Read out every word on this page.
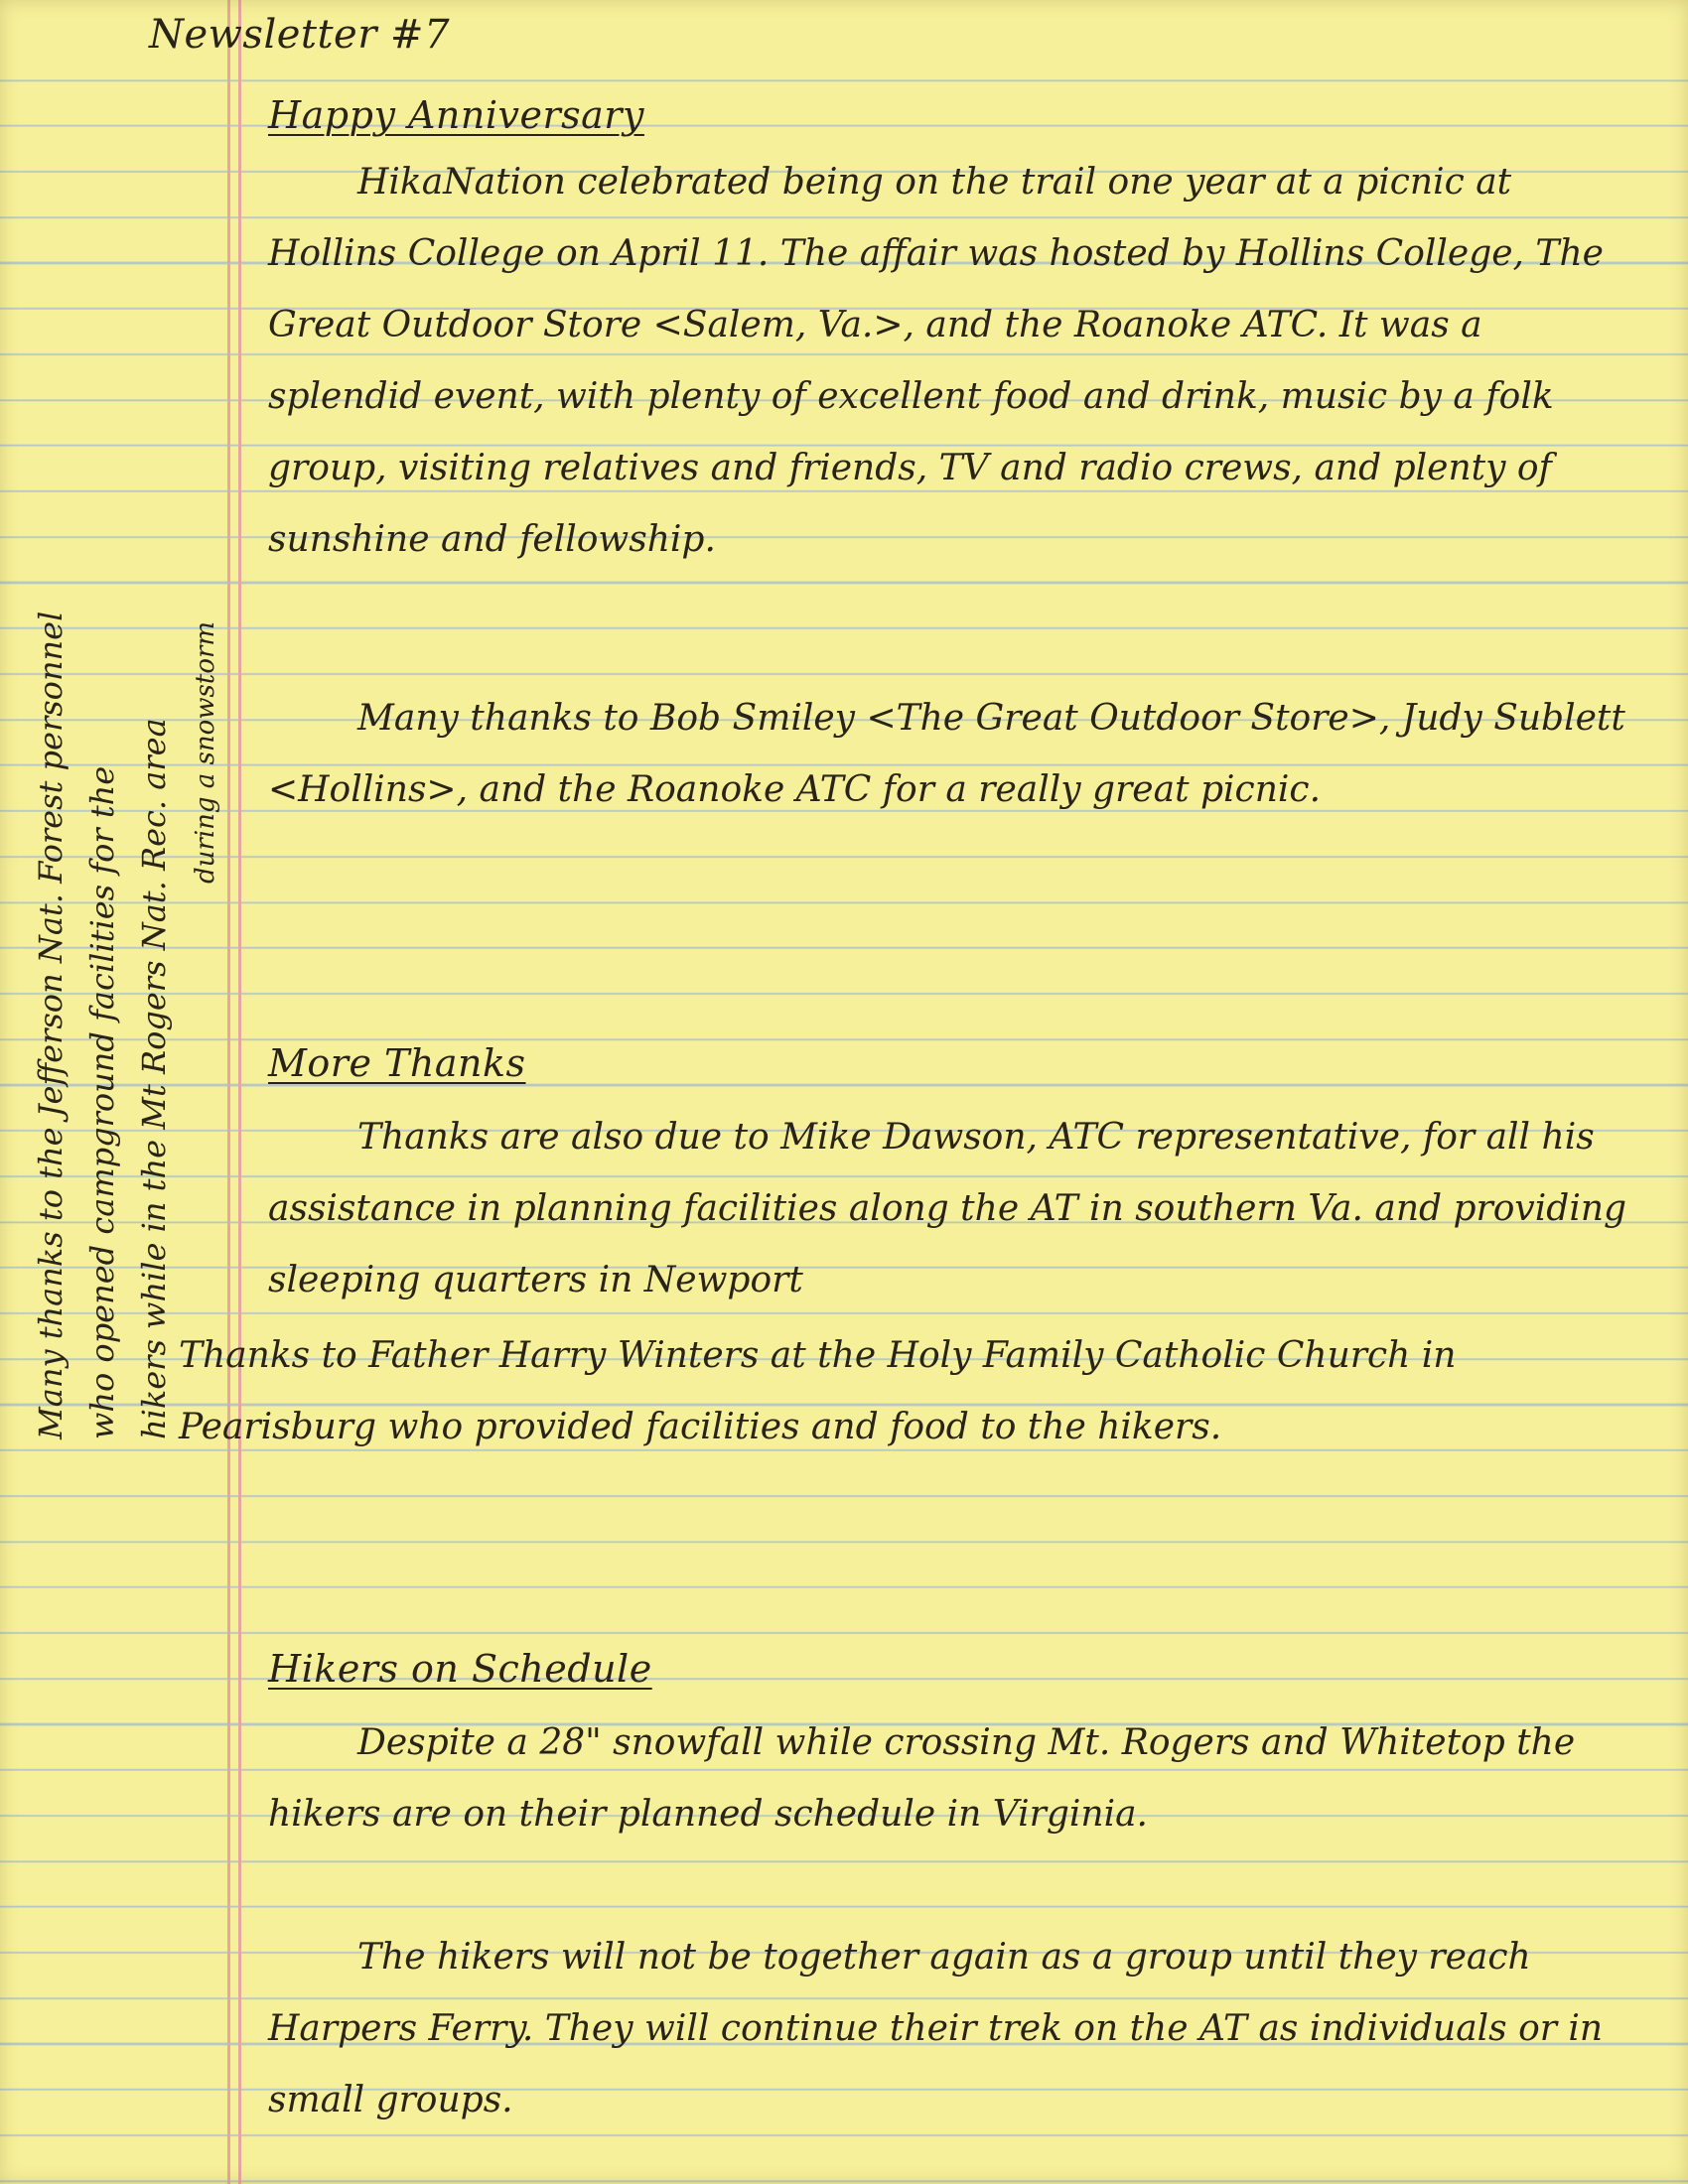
Newsletter #7
Happy Anniversary
HikaNation celebrated being on the trail one year at a picnic at Hollins College on April 11. The affair was hosted by Hollins College, The Great Outdoor Store <Salem, Va.>, and the Roanoke ATC. It was a splendid event, with plenty of excellent food and drink, music by a folk group, visiting relatives and friends, TV and radio crews, and plenty of sunshine and fellowship.
Many thanks to Bob Smiley <The Great Outdoor Store>, Judy Sublett <Hollins>, and the Roanoke ATC for a really great picnic.
More Thanks
Thanks are also due to Mike Dawson, ATC representative, for all his assistance in planning facilities along the AT in southern Va. and providing sleeping quarters in Newport
Thanks to Father Harry Winters at the Holy Family Catholic Church in Pearisburg who provided facilities and food to the hikers.
Hikers on Schedule
Despite a 28" snowfall while crossing Mt. Rogers and Whitetop the hikers are on their planned schedule in Virginia.
The hikers will not be together again as a group until they reach Harpers Ferry. They will continue their trek on the AT as individuals or in small groups.
Many thanks to the Jefferson Nat. Forest personnel who opened campground facilities for the hikers while in the Mt Rogers Nat. Rec. area during a snowstorm
